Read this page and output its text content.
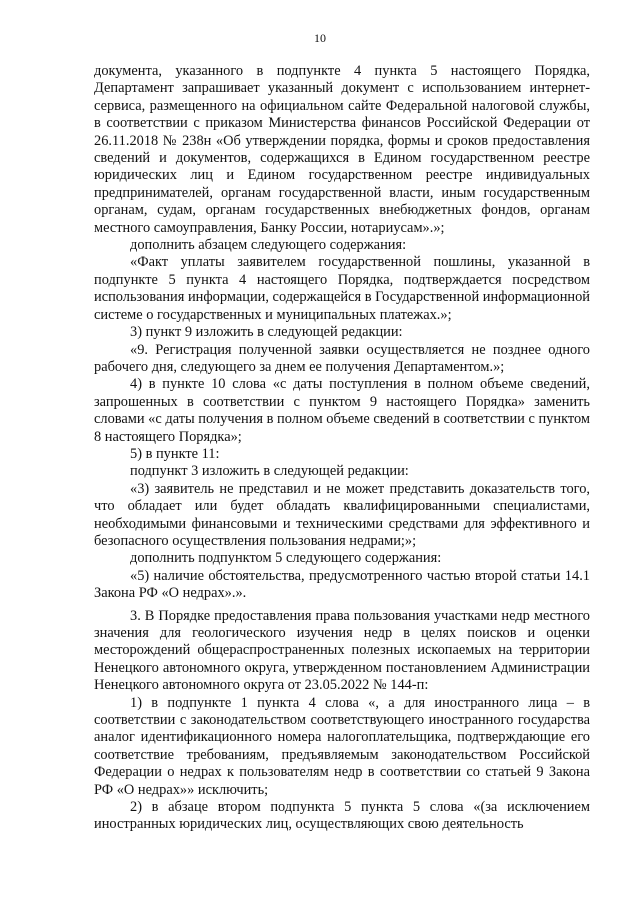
10

документа, указанного в подпункте 4 пункта 5 настоящего Порядка, Департамент запрашивает указанный документ с использованием интернет-сервиса, размещенного на официальном сайте Федеральной налоговой службы, в соответствии с приказом Министерства финансов Российской Федерации от 26.11.2018 № 238н «Об утверждении порядка, формы и сроков предоставления сведений и документов, содержащихся в Едином государственном реестре юридических лиц и Едином государственном реестре индивидуальных предпринимателей, органам государственной власти, иным государственным органам, судам, органам государственных внебюджетных фондов, органам местного самоуправления, Банку России, нотариусам».»;

дополнить абзацем следующего содержания:

«Факт уплаты заявителем государственной пошлины, указанной в подпункте 5 пункта 4 настоящего Порядка, подтверждается посредством использования информации, содержащейся в Государственной информационной системе о государственных и муниципальных платежах.»;

3) пункт 9 изложить в следующей редакции:

«9. Регистрация полученной заявки осуществляется не позднее одного рабочего дня, следующего за днем ее получения Департаментом.»;

4) в пункте 10 слова «с даты поступления в полном объеме сведений, запрошенных в соответствии с пунктом 9 настоящего Порядка» заменить словами «с даты получения в полном объеме сведений в соответствии с пунктом 8 настоящего Порядка»;

5) в пункте 11:

подпункт 3 изложить в следующей редакции:

«3) заявитель не представил и не может представить доказательств того, что обладает или будет обладать квалифицированными специалистами, необходимыми финансовыми и техническими средствами для эффективного и безопасного осуществления пользования недрами;»;

дополнить подпунктом 5 следующего содержания:

«5) наличие обстоятельства, предусмотренного частью второй статьи 14.1 Закона РФ «О недрах».».

3. В Порядке предоставления права пользования участками недр местного значения для геологического изучения недр в целях поисков и оценки месторождений общераспространенных полезных ископаемых на территории Ненецкого автономного округа, утвержденном постановлением Администрации Ненецкого автономного округа от 23.05.2022 № 144-п:

1) в подпункте 1 пункта 4 слова «, а для иностранного лица – в соответствии с законодательством соответствующего иностранного государства аналог идентификационного номера налогоплательщика, подтверждающие его соответствие требованиям, предъявляемым законодательством Российской Федерации о недрах к пользователям недр в соответствии со статьей 9 Закона РФ «О недрах»» исключить;

2) в абзаце втором подпункта 5 пункта 5 слова «(за исключением иностранных юридических лиц, осуществляющих свою деятельность
